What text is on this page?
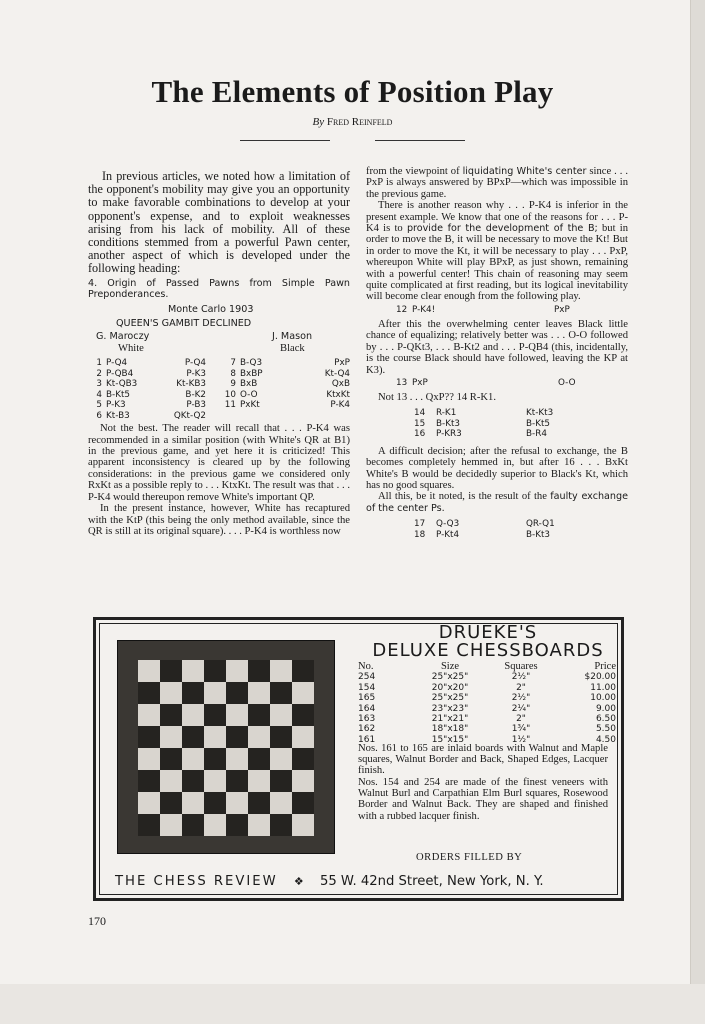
The Elements of Position Play
By Fred Reinfeld

In previous articles, we noted how a limitation of the opponent's mobility may give you an opportunity to make favorable combinations to develop at your opponent's expense, and to exploit weaknesses arising from his lack of mobility. All of these conditions stemmed from a powerful Pawn center, another aspect of which is developed under the following heading:

4. Origin of Passed Pawns from Simple Pawn Preponderances.

Monte Carlo 1903

QUEEN'S GAMBIT DECLINED

G. Maroczy
White
J. Mason
Black
1	P-Q4	P-Q4	7	B-Q3	PxP
2	P-QB4	P-K3	8	BxBP	Kt-Q4
3	Kt-QB3	Kt-KB3	9	BxB	QxB
4	B-Kt5	B-K2	10	O-O	KtxKt
5	P-K3	P-B3	11	PxKt	P-K4
6	Kt-B3	QKt-Q2			

Not the best. The reader will recall that . . . P-K4 was recommended in a similar position (with White's QR at B1) in the previous game, and yet here it is criticized! This apparent inconsistency is cleared up by the following considerations: in the previous game we considered only RxKt as a possible reply to . . . KtxKt. The result was that . . . P-K4 would thereupon remove White's important QP.

In the present instance, however, White has recaptured with the KtP (this being the only method available, since the QR is still at its original square). . . . P-K4 is worthless now

from the viewpoint of liquidating White's center since . . . PxP is always answered by BPxP—which was impossible in the previous game.

There is another reason why . . . P-K4 is inferior in the present example. We know that one of the reasons for . . . P-K4 is to provide for the development of the B; but in order to move the B, it will be necessary to move the Kt! But in order to move the Kt, it will be necessary to play . . . PxP, whereupon White will play BPxP, as just shown, remaining with a powerful center! This chain of reasoning may seem quite complicated at first reading, but its logical inevitability will become clear enough from the following play.

12 P-K4!	PxP

After this the overwhelming center leaves Black little chance of equalizing; relatively better was . . . O-O followed by . . . P-QKt3, . . . B-Kt2 and . . . P-QB4 (this, incidentally, is the course Black should have followed, leaving the KP at K3).

13 PxP	O-O

Not 13 . . . QxP?? 14 R-K1.

14	R-K1	Kt-Kt3
15	B-Kt3	B-Kt5
16	P-KR3	B-R4

A difficult decision; after the refusal to exchange, the B becomes completely hemmed in, but after 16 . . . BxKt White's B would be decidedly superior to Black's Kt, which has no good squares.

All this, be it noted, is the result of the faulty exchange of the center Ps.

17	Q-Q3	QR-Q1
18	P-Kt4	B-Kt3
DRUEKE'S
DELUXE CHESSBOARDS
No.	Size	Squares	Price
254	25"x25"	2½"	$20.00
154	20"x20"	2"	11.00
165	25"x25"	2½"	10.00
164	23"x23"	2¼"	9.00
163	21"x21"	2"	6.50
162	18"x18"	1¾"	5.50
161	15"x15"	1½"	4.50
Nos. 161 to 165 are inlaid boards with Walnut and Maple squares, Walnut Border and Back, Shaped Edges, Lacquer finish.
Nos. 154 and 254 are made of the finest veneers with Walnut Burl and Carpathian Elm Burl squares, Rosewood Border and Walnut Back. They are shaped and finished with a rubbed lacquer finish.
ORDERS FILLED BY
THE CHESS REVIEW ❖ 55 W. 42nd Street, New York, N. Y.
170
